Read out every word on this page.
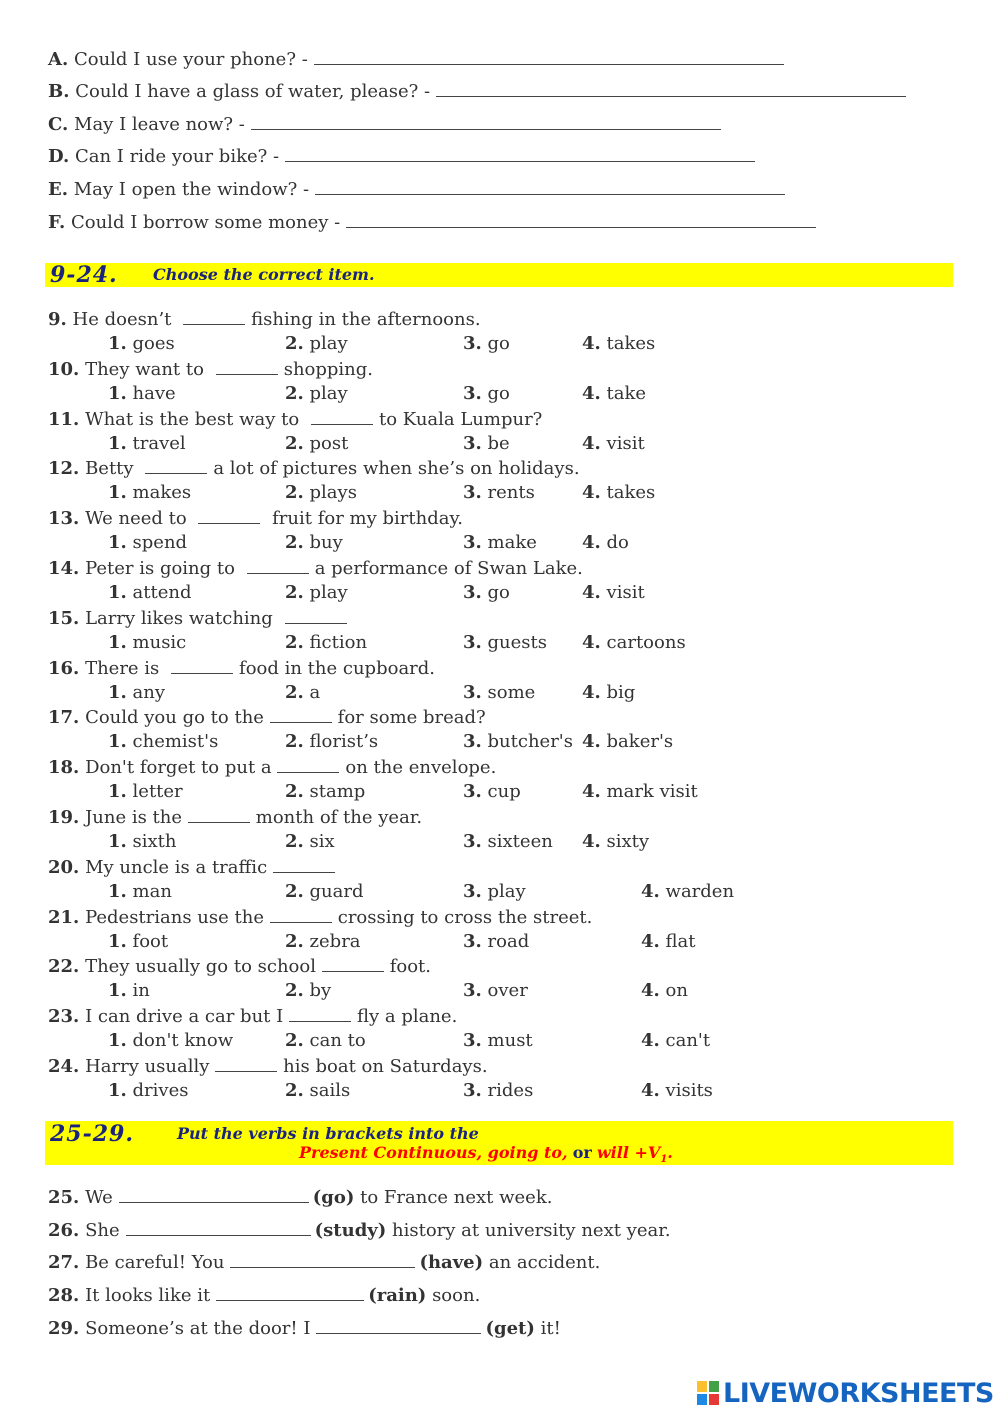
A. Could I use your phone? -
B. Could I have a glass of water, please? -
C. May I leave now? -
D. Can I ride your bike? -
E. May I open the window? -
F. Could I borrow some money -
9-24. Choose the correct item.
9. He doesn’t	fishing in the afternoons.
1. goes	2. play	3. go	4. takes
10. They want to	shopping.
1. have	2. play	3. go	4. take
11. What is the best way to	to Kuala Lumpur?
1. travel	2. post	3. be	4. visit
12. Betty	a lot of pictures when she’s on holidays.
1. makes	2. plays	3. rents	4. takes
13. We need to	fruit for my birthday.
1. spend	2. buy	3. make	4. do
14. Peter is going to	a performance of Swan Lake.
1. attend	2. play	3. go	4. visit
15. Larry likes watching
1. music	2. fiction	3. guests 4. cartoons
16. There is	food in the cupboard.
1. any	2. a	3. some	4. big
17. Could you go to the	for some bread?
1. chemist's	2. florist’s	3. butcher's 4. baker's
18. Don't forget to put a	on the envelope.
1. letter	2. stamp	3. cup	4. mark visit
19. June is the	month of the year.
1. sixth	2. six	3. sixteen 4. sixty
20. My uncle is a traffic
1. man	2. guard	3. play	4. warden
21. Pedestrians use the	crossing to cross the street.
1. foot	2. zebra	3. road	4. flat
22. They usually go to school	foot.
1. in	2. by	3. over	4. on
23. I can drive a car but I	fly a plane.
1. don't know	2. can to	3. must	4. can't
24. Harry usually	his boat on Saturdays.
1. drives	2. sails	3. rides	4. visits
25-29.	Put the verbs in brackets into the
Present Continuous, going to, or will $+V_1$.
25. We	(go) to France next week.
26. She	(study) history at university next year.
27. Be careful! You	(have) an accident.
28. It looks like it	(rain) soon.
29. Someone’s at the door! I	(get) it!
LIVEWORKSHEETS
